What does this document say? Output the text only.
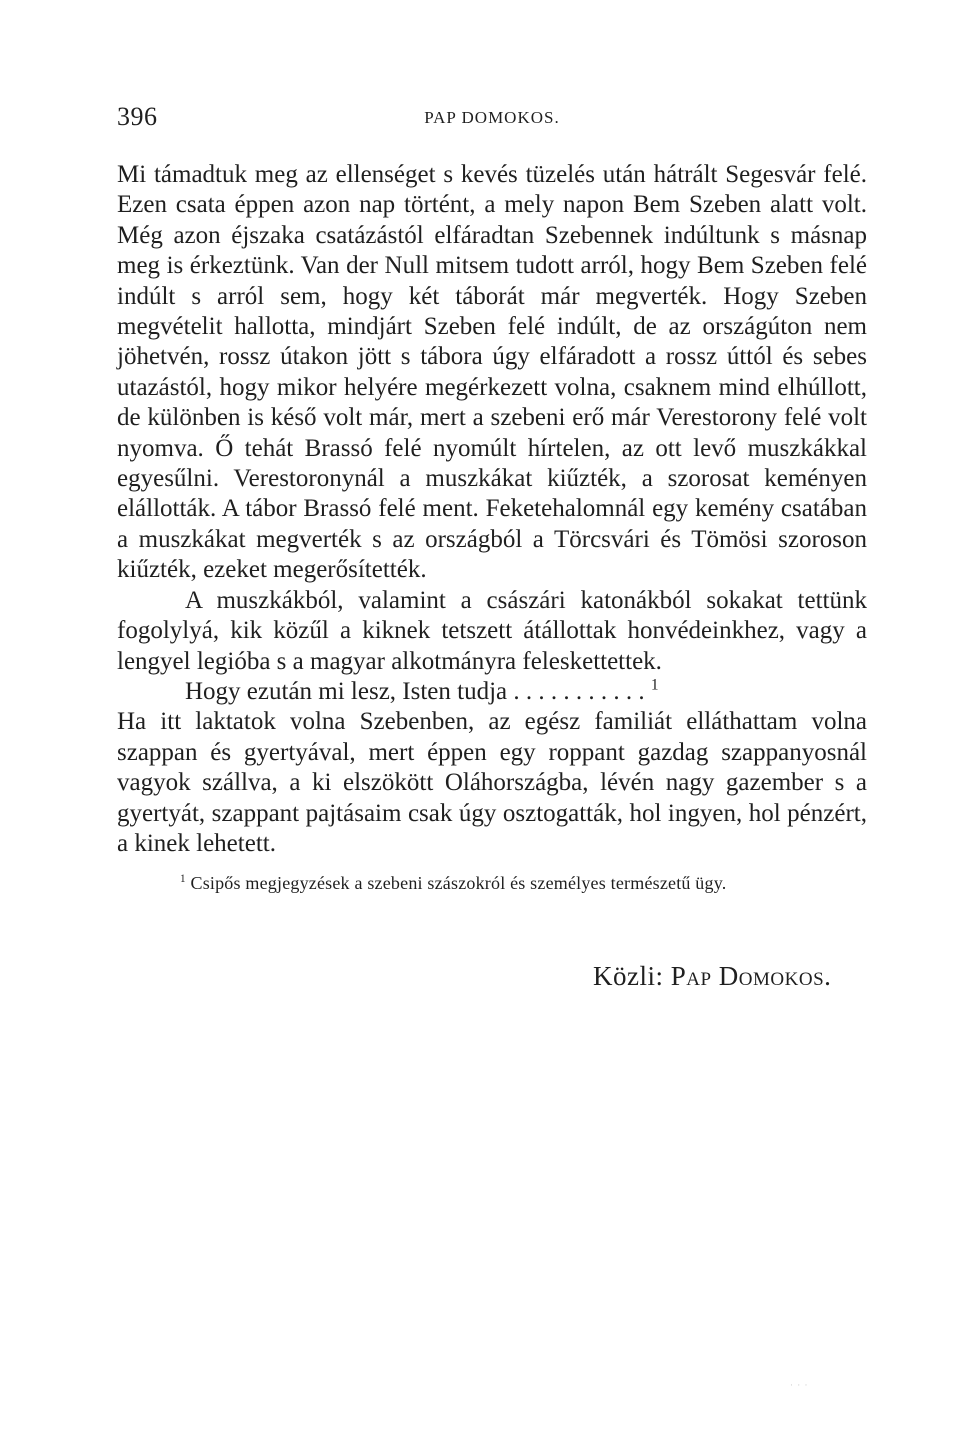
396	PAP DOMOKOS.

Mi támadtuk meg az ellenséget s kevés tüzelés után hátrált Segesvár felé. Ezen csata éppen azon nap történt, a mely napon Bem Szeben alatt volt. Még azon éjszaka csatázástól elfáradtan Szebennek indúltunk s másnap meg is érkeztünk. Van der Null mitsem tudott arról, hogy Bem Szeben felé indúlt s arról sem, hogy két táborát már megverték. Hogy Szeben megvételit hallotta, mindjárt Szeben felé indúlt, de az országúton nem jöhetvén, rossz útakon jött s tábora úgy elfáradott a rossz úttól és sebes utazástól, hogy mikor helyére megérkezett volna, csaknem mind elhúllott, de különben is késő volt már, mert a szebeni erő már Verestorony felé volt nyomva. Ő tehát Brassó felé nyomúlt hírtelen, az ott levő muszkákkal egyesűlni. Verestoronynál a muszkákat kiűzték, a szorosat keményen elállották. A tábor Brassó felé ment. Feketehalomnál egy kemény csatában a muszkákat megverték s az országból a Törcsvári és Tömösi szoroson kiűzték, ezeket megerősítették.

A muszkákból, valamint a császári katonákból sokakat tettünk fogolylyá, kik közűl a kiknek tetszett átállottak honvédeinkhez, vagy a lengyel legióba s a magyar alkotmányra feleskettettek.

Hogy ezután mi lesz, Isten tudja . . . . . . . . . . . $^1$

Ha itt laktatok volna Szebenben, az egész familiát elláthattam volna szappan és gyertyával, mert éppen egy roppant gazdag szappanyosnál vagyok szállva, a ki elszökött Oláhországba, lévén nagy gazember s a gyertyát, szappant pajtásaim csak úgy osztogatták, hol ingyen, hol pénzért, a kinek lehetett.

$^1$ Csipős megjegyzések a szebeni szászokról és személyes természetű ügy.
Közli: Pap Domokos.
· · ·
